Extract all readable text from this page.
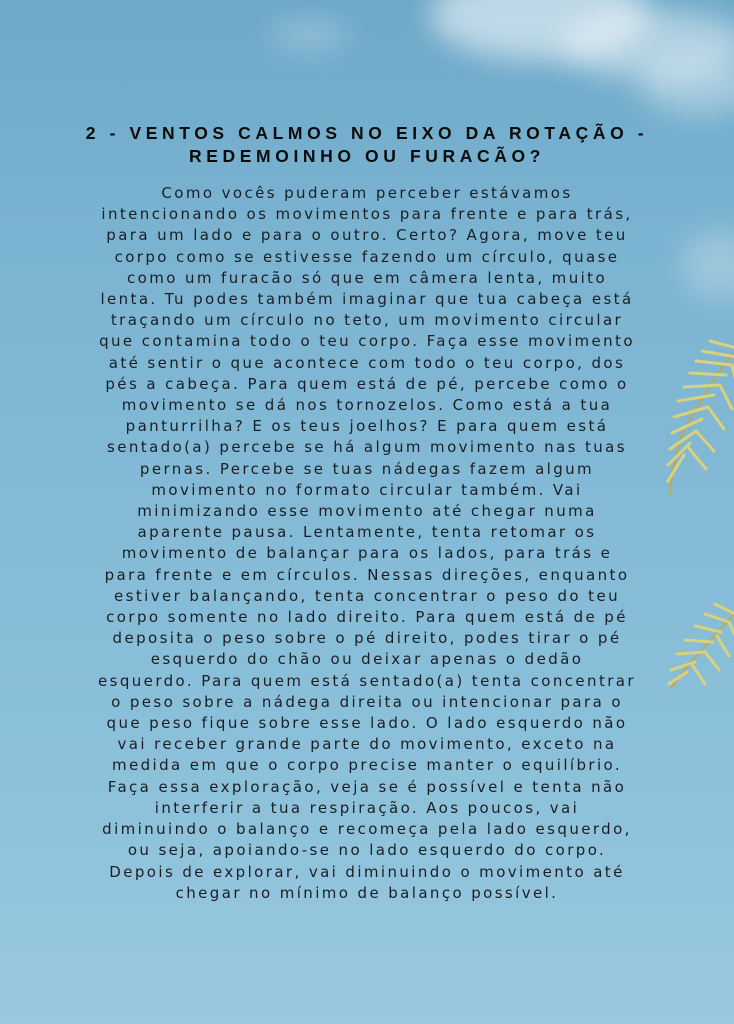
2 - VENTOS CALMOS NO EIXO DA ROTAÇÃO - REDEMOINHO OU FURACÃO?

Como vocês puderam perceber estávamos
intencionando os movimentos para frente e para trás,
para um lado e para o outro. Certo? Agora, move teu
corpo como se estivesse fazendo um círculo, quase
como um furacão só que em câmera lenta, muito
lenta. Tu podes também imaginar que tua cabeça está
traçando um círculo no teto, um movimento circular
que contamina todo o teu corpo. Faça esse movimento
até sentir o que acontece com todo o teu corpo, dos
pés a cabeça. Para quem está de pé, percebe como o
movimento se dá nos tornozelos. Como está a tua
panturrilha? E os teus joelhos? E para quem está
sentado(a) percebe se há algum movimento nas tuas
pernas. Percebe se tuas nádegas fazem algum
movimento no formato circular também. Vai
minimizando esse movimento até chegar numa
aparente pausa. Lentamente, tenta retomar os
movimento de balançar para os lados, para trás e
para frente e em círculos. Nessas direções, enquanto
estiver balançando, tenta concentrar o peso do teu
corpo somente no lado direito. Para quem está de pé
deposita o peso sobre o pé direito, podes tirar o pé
esquerdo do chão ou deixar apenas o dedão
esquerdo. Para quem está sentado(a) tenta concentrar
o peso sobre a nádega direita ou intencionar para o
que peso fique sobre esse lado. O lado esquerdo não
vai receber grande parte do movimento, exceto na
medida em que o corpo precise manter o equilíbrio.
Faça essa exploração, veja se é possível e tenta não
interferir a tua respiração. Aos poucos, vai
diminuindo o balanço e recomeça pela lado esquerdo,
ou seja, apoiando-se no lado esquerdo do corpo.
Depois de explorar, vai diminuindo o movimento até
chegar no mínimo de balanço possível.
